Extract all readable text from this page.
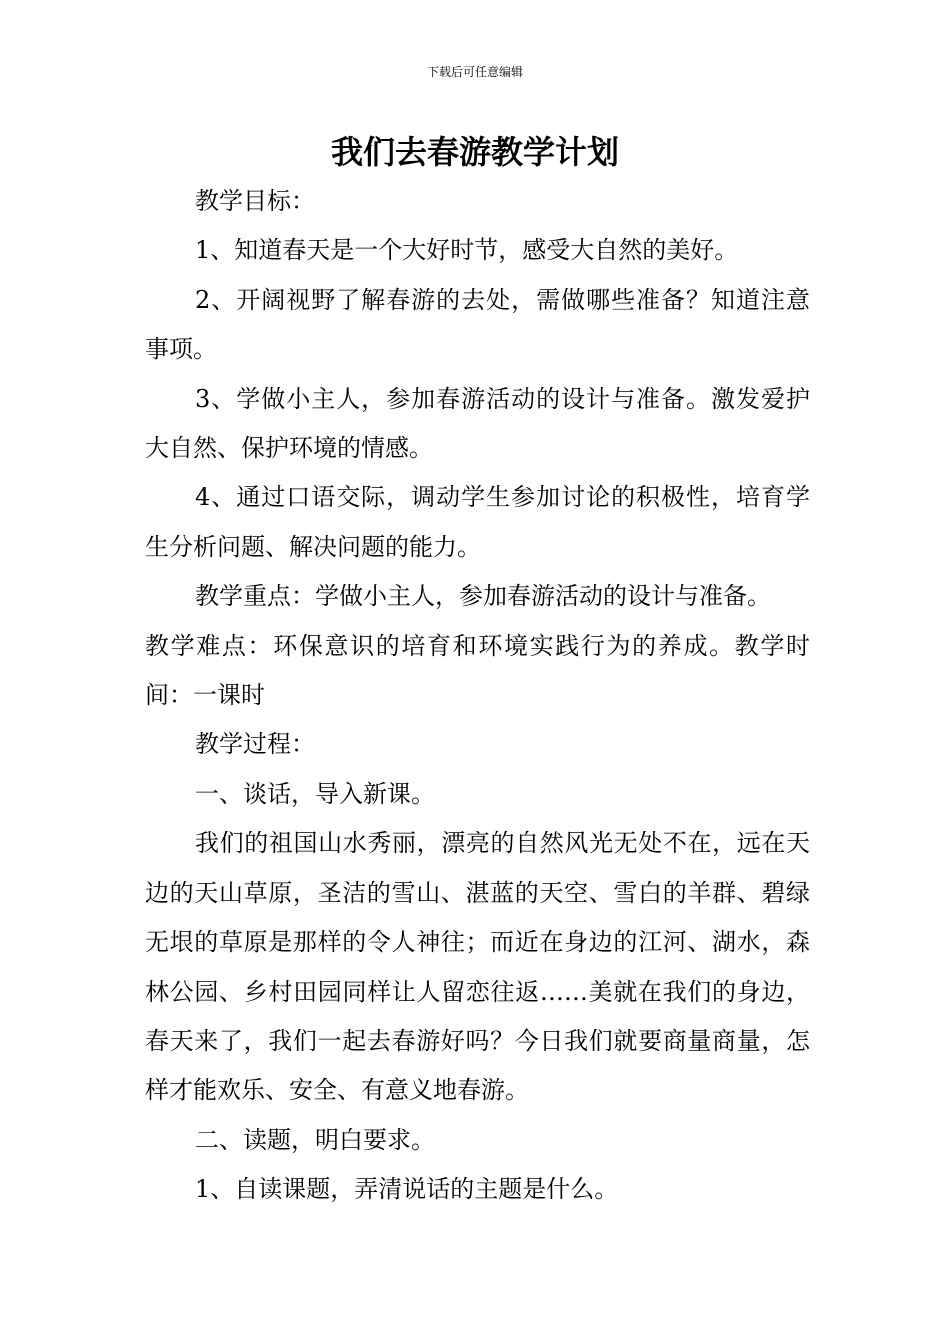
下载后可任意编辑
我们去春游教学计划

教学目标：

1、知道春天是一个大好时节，感受大自然的美好。

2、开阔视野了解春游的去处，需做哪些准备？知道注意事项。

3、学做小主人，参加春游活动的设计与准备。激发爱护大自然、保护环境的情感。

4、通过口语交际，调动学生参加讨论的积极性，培育学生分析问题、解决问题的能力。

教学重点：学做小主人，参加春游活动的设计与准备。

教学难点：环保意识的培育和环境实践行为的养成。教学时间：一课时

教学过程：

一、谈话，导入新课。

我们的祖国山水秀丽，漂亮的自然风光无处不在，远在天边的天山草原，圣洁的雪山、湛蓝的天空、雪白的羊群、碧绿无垠的草原是那样的令人神往；而近在身边的江河、湖水，森林公园、乡村田园同样让人留恋往返……美就在我们的身边，春天来了，我们一起去春游好吗？今日我们就要商量商量，怎样才能欢乐、安全、有意义地春游。

二、读题，明白要求。

1、自读课题，弄清说话的主题是什么。
